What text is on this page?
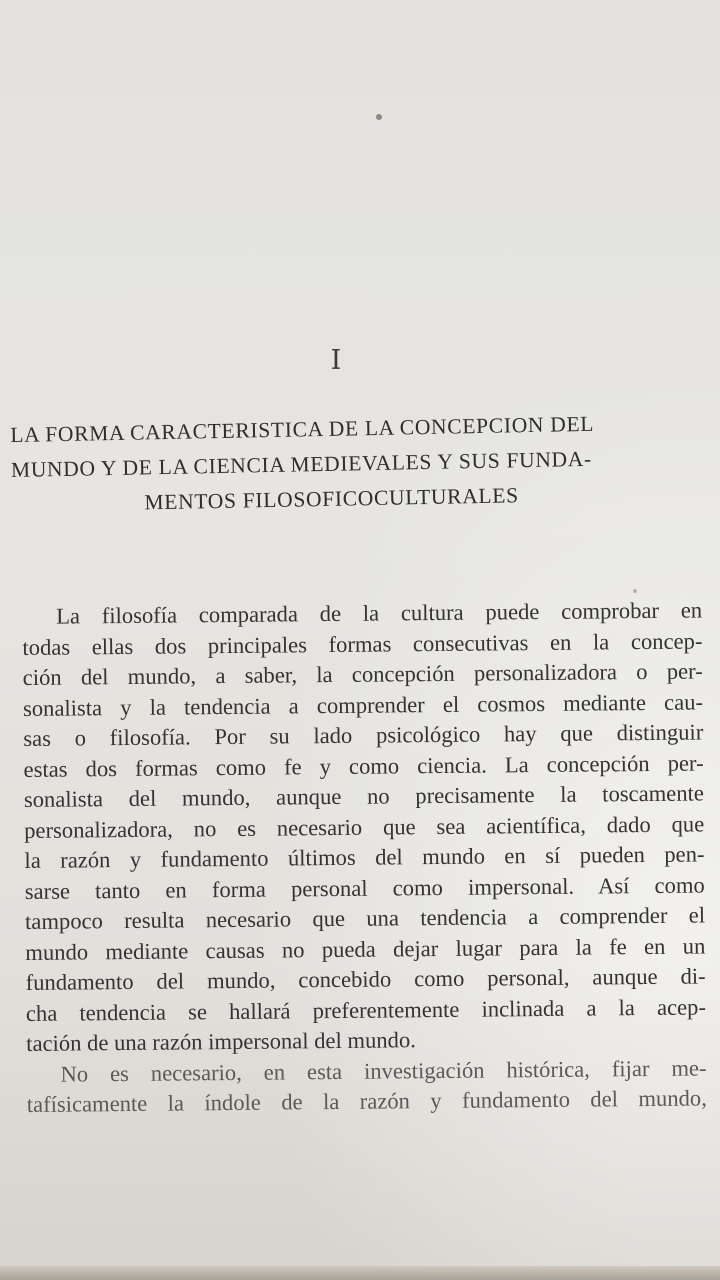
I
LA FORMA CARACTERISTICA DE LA CONCEPCION DEL
MUNDO Y DE LA CIENCIA MEDIEVALES Y SUS FUNDA-
MENTOS FILOSOFICOCULTURALES
La filosofía comparada de la cultura puede comprobar en
todas ellas dos principales formas consecutivas en la concep-
ción del mundo, a saber, la concepción personalizadora o per-
sonalista y la tendencia a comprender el cosmos mediante cau-
sas o filosofía. Por su lado psicológico hay que distinguir
estas dos formas como fe y como ciencia. La concepción per-
sonalista del mundo, aunque no precisamente la toscamente
personalizadora, no es necesario que sea acientífica, dado que
la razón y fundamento últimos del mundo en sí pueden pen-
sarse tanto en forma personal como impersonal. Así como
tampoco resulta necesario que una tendencia a comprender el
mundo mediante causas no pueda dejar lugar para la fe en un
fundamento del mundo, concebido como personal, aunque di-
cha tendencia se hallará preferentemente inclinada a la acep-
tación de una razón impersonal del mundo.
No es necesario, en esta investigación histórica, fijar me-
tafísicamente la índole de la razón y fundamento del mundo,
